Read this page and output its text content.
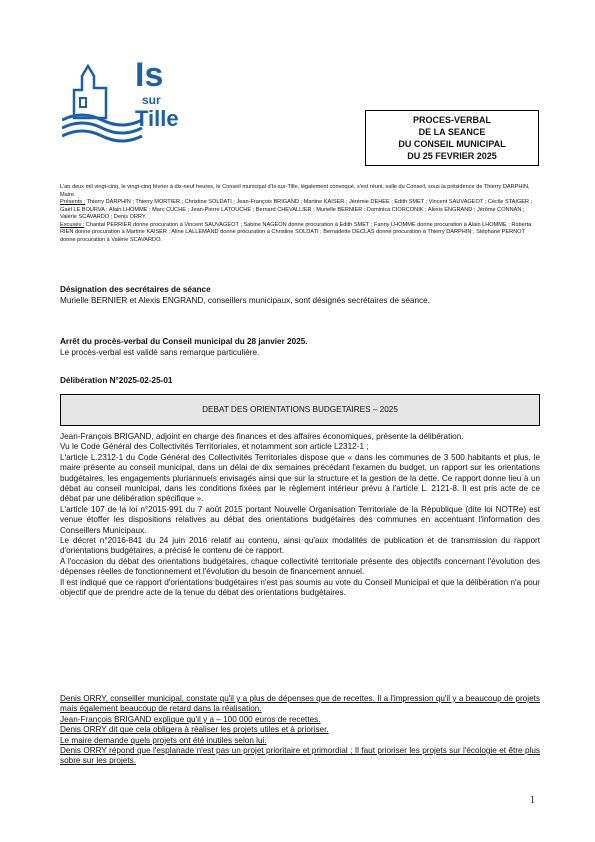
Is
sur
Tille	PROCES-VERBAL
DE LA SEANCE
DU CONSEIL MUNICIPAL
DU 25 FEVRIER 2025

L'an deux mil vingt-cinq, le vingt-cinq février à dix-neuf heures, le Conseil municipal d'Is-sur-Tille, légalement convoqué, s'est réuni, salle du Conseil, sous la présidence de Thierry DARPHIN, Maire.

Présents : Thierry DARPHIN ; Thierry MORTIER ; Christine SOLDATI ; Jean-François BRIGAND ; Martine KAISER ; Jérémie DEHEE ; Edith SMET ; Vincent SAUVAGEOT ; Cécile STAIGER ; Gaël LE BOURVA ; Alain LHOMME ; Marc CUCHE ; Jean-Pierre LATOUCHE ; Bernard CHEVALLIER ; Murielle BERNIER ; Dominica CIORCONIK ; Alexis ENGRAND ; Jérôme CONNAN ; Valérie SCAVARDO ; Denis ORRY.

Excusés : Chantal PERRIER donne procuration à Vincent SAUVAGEOT ; Sabine NAGEON donne procuration à Edith SMET ; Fanny LHOMME donne procuration à Alain LHOMME ; Roberta RIEN donne procuration à Martine KAISER ; Aline LALLEMAND donne procuration à Christine SOLDATI ; Bernadette DECLAS donne procuration à Thierry DARPHIN ; Stéphane PERNOT donne procuration à Valérie SCAVARDO.

Désignation des secrétaires de séance
Murielle BERNIER et Alexis ENGRAND, conseillers municipaux, sont désignés secrétaires de séance.
Arrêt du procès-verbal du Conseil municipal du 28 janvier 2025.
Le procès-verbal est validé sans remarque particulière.
Délibération N°2025-02-25-01
DEBAT DES ORIENTATIONS BUDGETAIRES – 2025

Jean-François BRIGAND, adjoint en charge des finances et des affaires économiques, présente la délibération.

Vu le Code Général des Collectivités Territoriales, et notamment son article L2312-1 ;

L'article L.2312-1 du Code Général des Collectivités Territoriales dispose que « dans les communes de 3 500 habitants et plus, le maire présente au conseil municipal, dans un délai de dix semaines précédant l'examen du budget, un rapport sur les orientations budgétaires, les engagements pluriannuels envisagés ainsi que sur la structure et la gestion de la dette. Ce rapport donne lieu à un débat au conseil municipal, dans les conditions fixées par le règlement intérieur prévu à l'article L. 2121-8. Il est pris acte de ce débat par une délibération spécifique ».

L'article 107 de la loi n°2015-991 du 7 août 2015 portant Nouvelle Organisation Territoriale de la République (dite loi NOTRe) est venue étoffer les dispositions relatives au débat des orientations budgétaires des communes en accentuant l'information des Conseillers Municipaux.

Le décret n°2016-841 du 24 juin 2016 relatif au contenu, ainsi qu'aux modalités de publication et de transmission du rapport d'orientations budgétaires, a précisé le contenu de ce rapport.

A l'occasion du débat des orientations budgétaires, chaque collectivité territoriale présente des objectifs concernant l'évolution des dépenses réelles de fonctionnement et l'évolution du besoin de financement annuel.

Il est indiqué que ce rapport d'orientations budgétaires n'est pas soumis au vote du Conseil Municipal et que la délibération n'a pour objectif que de prendre acte de la tenue du débat des orientations budgétaires.

Denis ORRY, conseiller municipal, constate qu'il y a plus de dépenses que de recettes. Il a l'impression qu'il y a beaucoup de projets mais également beaucoup de retard dans la réalisation.

Jean-François BRIGAND explique qu'il y a – 100 000 euros de recettes.

Denis ORRY dit que cela obligera à réaliser les projets utiles et à prioriser.

Le maire demande quels projets ont été inutiles selon lui.

Denis ORRY répond que l'esplanade n'est pas un projet prioritaire et primordial ; Il faut prioriser les projets sur l'écologie et être plus sobre sur les projets.

1
